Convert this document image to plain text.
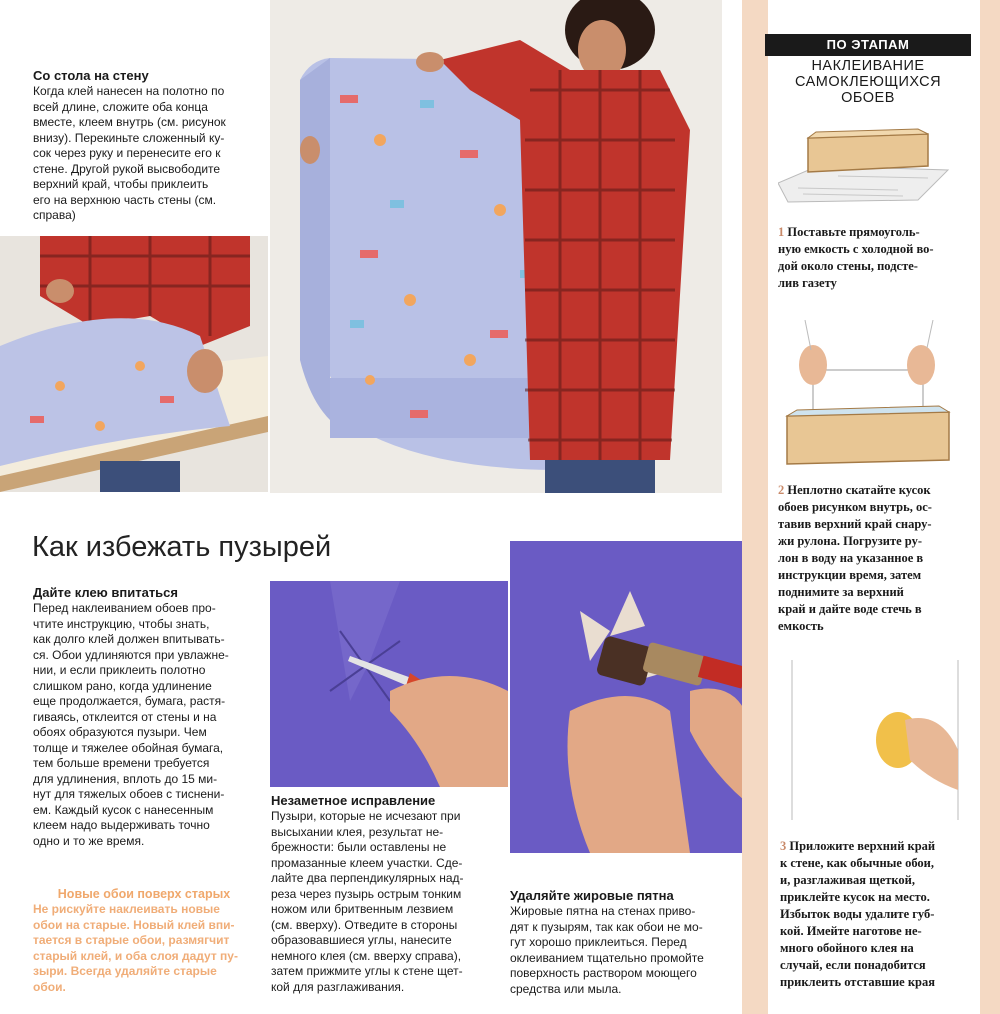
Со стола на стену
Когда клей нанесен на полотно по
всей длине, сложите оба конца
вместе, клеем внутрь (см. рисунок
внизу). Перекиньте сложенный ку-
сок через руку и перенесите его к
стене. Другой рукой высвободите
верхний край, чтобы приклеить
его на верхнюю часть стены (см.
справа)
ПО ЭТАПАМ
НАКЛЕИВАНИЕ
САМОКЛЕЮЩИХСЯ
ОБОЕВ
1 Поставьте прямоуголь-
ную емкость с холодной во-
дой около стены, подсте-
лив газету
2 Неплотно скатайте кусок
обоев рисунком внутрь, ос-
тавив верхний край снару-
жи рулона. Погрузите ру-
лон в воду на указанное в
инструкции время, затем
поднимите за верхний
край и дайте воде стечь в
емкость
3 Приложите верхний край
к стене, как обычные обои,
и, разглаживая щеткой,
приклейте кусок на место.
Избыток воды удалите губ-
кой. Имейте наготове не-
много обойного клея на
случай, если понадобится
приклеить отставшие края
Как избежать пузырей
Дайте клею впитаться
Перед наклеиванием обоев про-
чтите инструкцию, чтобы знать,
как долго клей должен впитывать-
ся. Обои удлиняются при увлажне-
нии, и если приклеить полотно
слишком рано, когда удлинение
еще продолжается, бумага, растя-
гиваясь, отклеится от стены и на
обоях образуются пузыри. Чем
толще и тяжелее обойная бумага,
тем больше времени требуется
для удлинения, вплоть до 15 ми-
нут для тяжелых обоев с тиснени-
ем. Каждый кусок с нанесенным
клеем надо выдерживать точно
одно и то же время.
Новые обои поверх старых
Не рискуйте наклеивать новые
обои на старые. Новый клей впи-
тается в старые обои, размягчит
старый клей, и оба слоя дадут пу-
зыри. Всегда удаляйте старые
обои.
Незаметное исправление
Пузыри, которые не исчезают при
высыхании клея, результат не-
брежности: были оставлены не
промазанные клеем участки. Сде-
лайте два перпендикулярных над-
реза через пузырь острым тонким
ножом или бритвенным лезвием
(см. вверху). Отведите в стороны
образовавшиеся углы, нанесите
немного клея (см. вверху справа),
затем прижмите углы к стене щет-
кой для разглаживания.
Удаляйте жировые пятна
Жировые пятна на стенах приво-
дят к пузырям, так как обои не мо-
гут хорошо приклеиться. Перед
оклеиванием тщательно промойте
поверхность раствором моющего
средства или мыла.
